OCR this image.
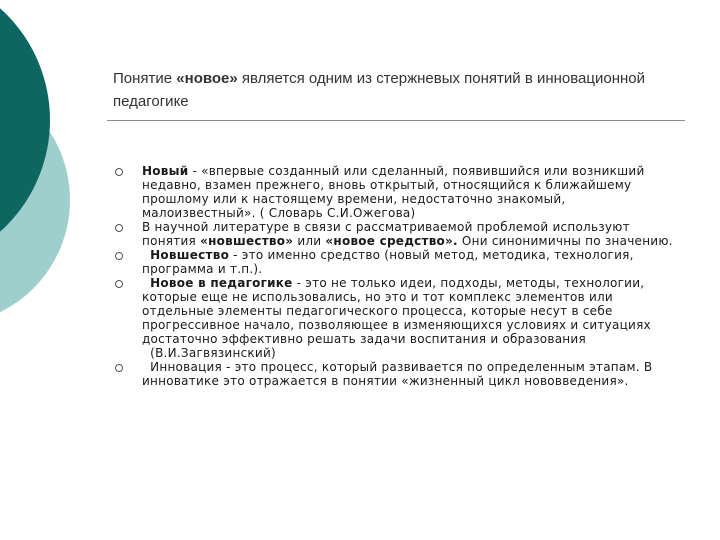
Понятие «новое» является одним из стержневых понятий в инновационной педагогике
Новый - «впервые созданный или сделанный, появившийся или возникший недавно, взамен прежнего, вновь открытый, относящийся к ближайшему прошлому или к настоящему времени, недостаточно знакомый, малоизвестный». ( Словарь С.И.Ожегова)
В научной литературе в связи с рассматриваемой проблемой используют понятия «новшество» или «новое средство». Они синонимичны по значению.
Новшество - это именно средство (новый метод, методика, технология, программа и т.п.).
Новое в педагогике - это не только идеи, подходы, методы, технологии, которые еще не использовались, но это и тот комплекс элементов или отдельные элементы педагогического процесса, которые несут в себе прогрессивное начало, позволяющее в изменяющихся условиях и ситуациях достаточно эффективно решать задачи воспитания и образования
(В.И.Загвязинский)
Инновация - это процесс, который развивается по определенным этапам. В инноватике это отражается в понятии «жизненный цикл нововведения».
